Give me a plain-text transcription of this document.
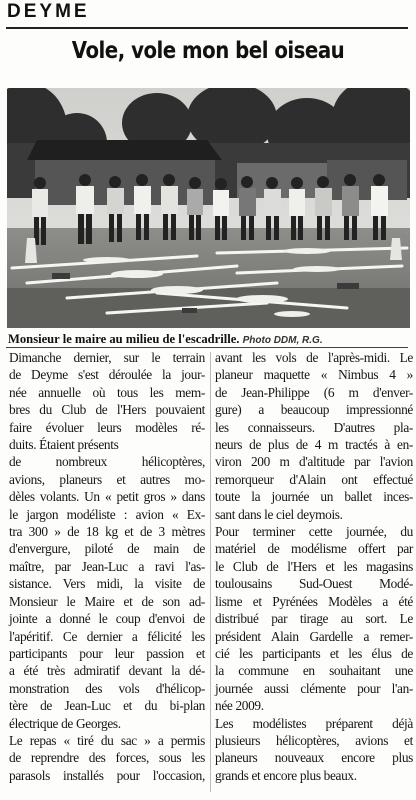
DEYME
Vole, vole mon bel oiseau
Monsieur le maire au milieu de l'escadrille. Photo DDM, R.G.
Dimanche dernier, sur le terrain
de Deyme s'est déroulée la jour-
née annuelle où tous les mem-
bres du Club de l'Hers pouvaient
faire évoluer leurs modèles ré-
duits. Étaient présents
de nombreux hélicoptères,
avions, planeurs et autres mo-
dèles volants. Un « petit gros » dans
le jargon modéliste : avion « Ex-
tra 300 » de 18 kg et de 3 mètres
d'envergure, piloté de main de
maître, par Jean-Luc a ravi l'as-
sistance. Vers midi, la visite de
Monsieur le Maire et de son ad-
jointe a donné le coup d'envoi de
l'apéritif. Ce dernier a félicité les
participants pour leur passion et
a été très admiratif devant la dé-
monstration des vols d'hélicop-
tère de Jean-Luc et du bi-plan
électrique de Georges.
Le repas « tiré du sac » a permis
de reprendre des forces, sous les
parasols installés pour l'occasion,
avant les vols de l'après-midi. Le
planeur maquette « Nimbus 4 »
de Jean-Philippe (6 m d'enver-
gure) a beaucoup impressionné
les connaisseurs. D'autres pla-
neurs de plus de 4 m tractés à en-
viron 200 m d'altitude par l'avion
remorqueur d'Alain ont effectué
toute la journée un ballet inces-
sant dans le ciel deymois.
Pour terminer cette journée, du
matériel de modélisme offert par
le Club de l'Hers et les magasins
toulousains Sud-Ouest Modé-
lisme et Pyrénées Modèles a été
distribué par tirage au sort. Le
président Alain Gardelle a remer-
cié les participants et les élus de
la commune en souhaitant une
journée aussi clémente pour l'an-
née 2009.
Les modélistes préparent déjà
plusieurs hélicoptères, avions et
planeurs nouveaux encore plus
grands et encore plus beaux.
